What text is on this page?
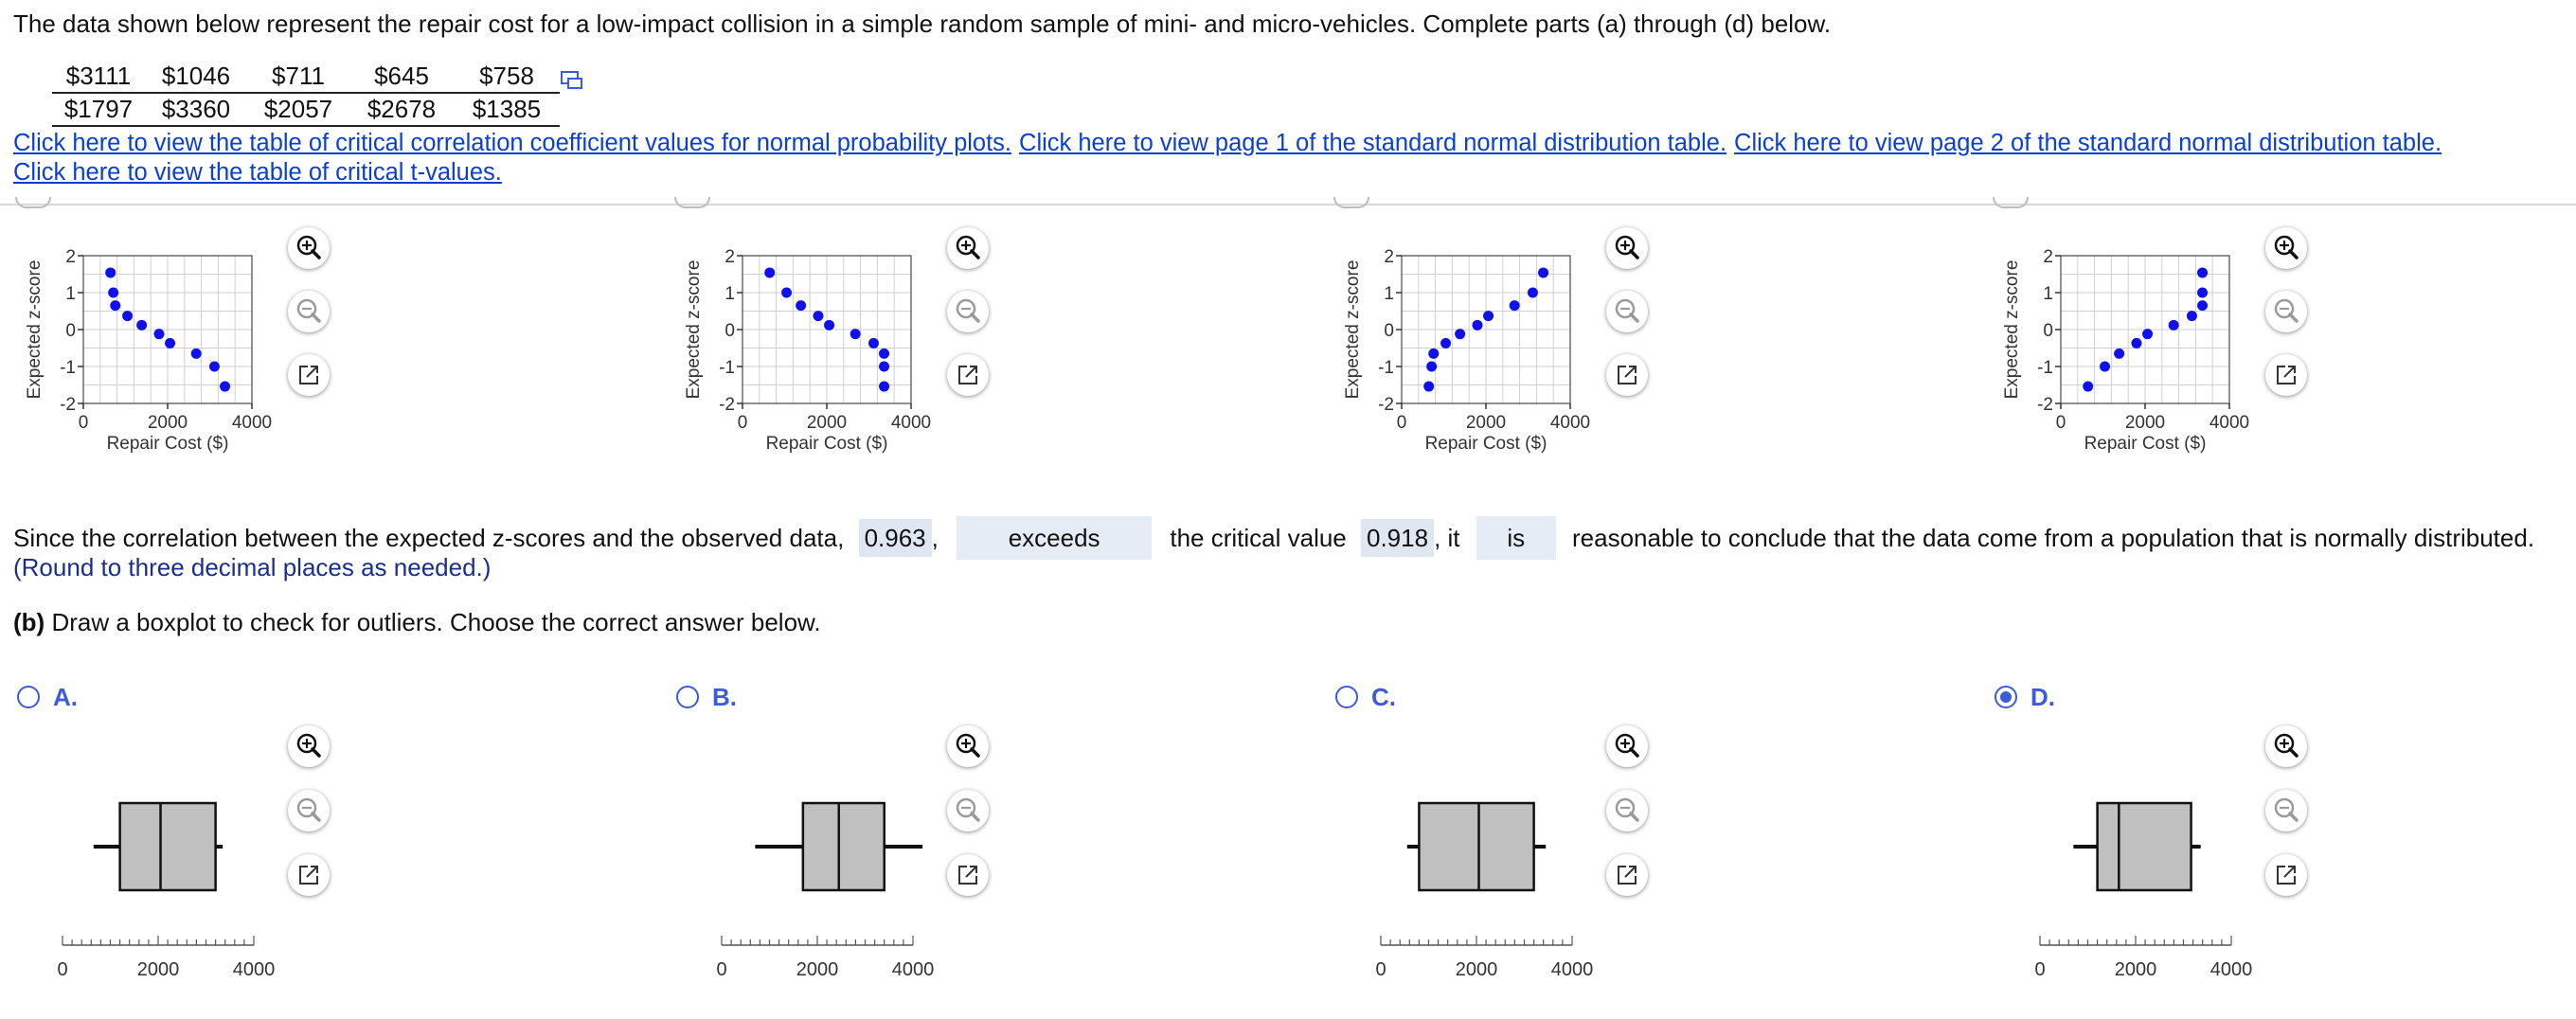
The data shown below represent the repair cost for a low-impact collision in a simple random sample of mini- and micro-vehicles. Complete parts (a) through (d) below.
$3111	$1046	$711	$645	$758
$1797	$3360	$2057	$2678	$1385
Click here to view the table of critical correlation coefficient values for normal probability plots. Click here to view page 1 of the standard normal distribution table. Click here to view page 2 of the standard normal distribution table.
Click here to view the table of critical t-values.
2
1
0
-1
-2
0	2000 4000
Repair Cost ($)
Expected z-score
2
1
0
-1
-2
0	2000 4000
Repair Cost ($)
Expected z-score
2
1
0
-1
-2
0	2000 4000
Repair Cost ($)
Expected z-score
2
1
0
-1
-2
0	2000 4000
Repair Cost ($)
Expected z-score
Since the correlation between the expected z-scores and the observed data, 0.963 ,	exceeds	the critical value 0.918 , it is reasonable to conclude that the data come from a population that is normally distributed.
(Round to three decimal places as needed.)
(b) Draw a boxplot to check for outliers. Choose the correct answer below.
A.	B.	C.	D.
0	2000	4000	0	2000	4000	0	2000	4000	0	2000	4000
